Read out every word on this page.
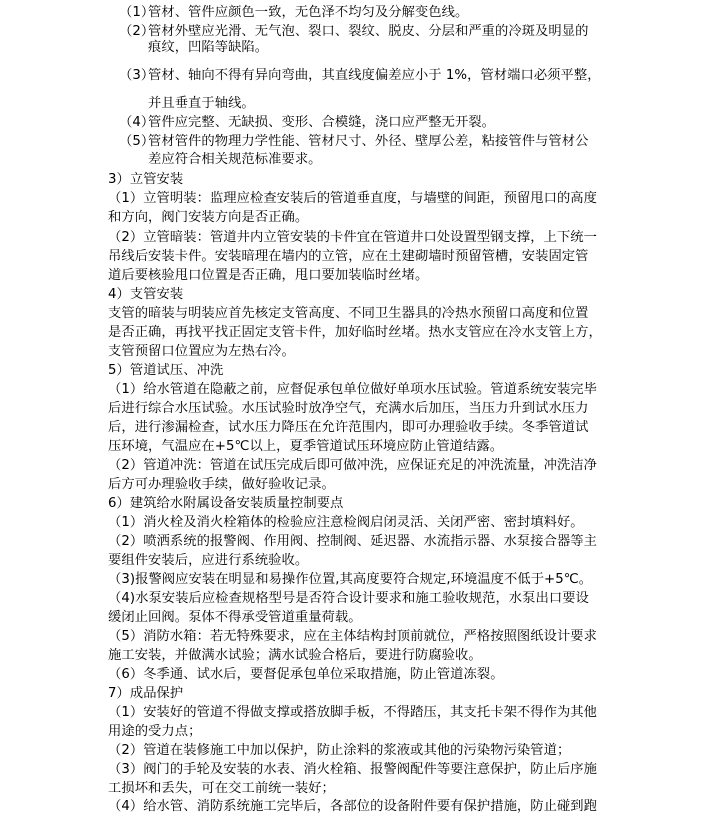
（1）管材、管件应颜色一致，无色泽不均匀及分解变色线。
（2）管材外壁应光滑、无气泡、裂口、裂纹、脱皮、分层和严重的冷斑及明显的
痕纹，凹陷等缺陷。
（3）管材、轴向不得有异向弯曲，其直线度偏差应小于 1%，管材端口必须平整，
并且垂直于轴线。
（4）管件应完整、无缺损、变形、合模缝，浇口应严整无开裂。
（5）管材管件的物理力学性能、管材尺寸、外径、壁厚公差，粘接管件与管材公
差应符合相关规范标准要求。
3）立管安装
（1）立管明装：监理应检查安装后的管道垂直度，与墙壁的间距，预留甩口的高度
和方向，阀门安装方向是否正确。
（2）立管暗装：管道井内立管安装的卡件宜在管道井口处设置型钢支撑，上下统一
吊线后安装卡件。安装暗理在墙内的立管，应在土建砌墙时预留管槽，安装固定管
道后要核验甩口位置是否正确，甩口要加装临时丝堵。
4）支管安装
支管的暗装与明装应首先核定支管高度、不同卫生器具的冷热水预留口高度和位置
是否正确，再找平找正固定支管卡件，加好临时丝堵。热水支管应在冷水支管上方，
支管预留口位置应为左热右冷。
5）管道试压、冲洗
（1）给水管道在隐蔽之前，应督促承包单位做好单项水压试验。管道系统安装完毕
后进行综合水压试验。水压试验时放净空气，充满水后加压，当压力升到试水压力
后，进行渗漏检查，试水压力降压在允许范围内，即可办理验收手续。冬季管道试
压环境，气温应在+5℃以上，夏季管道试压环境应防止管道结露。
（2）管道冲洗：管道在试压完成后即可做冲洗，应保证充足的冲洗流量，冲洗洁净
后方可办理验收手续，做好验收记录。
6）建筑给水附属设备安装质量控制要点
（1）消火栓及消火栓箱体的检验应注意检阀启闭灵活、关闭严密、密封填料好。
（2）喷洒系统的报警阀、作用阀、控制阀、延迟器、水流指示器、水泵接合器等主
要组件安装后，应进行系统验收。
（3)报警阀应安装在明显和易操作位置,其高度要符合规定,环境温度不低于+5℃。
（4)水泵安装后应检查规格型号是否符合设计要求和施工验收规范，水泵出口要设
缓闭止回阀。泵体不得承受管道重量荷载。
（5）消防水箱：若无特殊要求，应在主体结构封顶前就位，严格按照图纸设计要求
施工安装，并做满水试验；满水试验合格后，要进行防腐验收。
（6）冬季通、试水后，要督促承包单位采取措施，防止管道冻裂。
7）成品保护
（1）安装好的管道不得做支撑或搭放脚手板，不得踏压，其支托卡架不得作为其他
用途的受力点；
（2）管道在装修施工中加以保护，防止涂料的浆液或其他的污染物污染管道；
（3）阀门的手轮及安装的水表、消火栓箱、报警阀配件等要注意保护，防止后序施
工损坏和丢失，可在交工前统一装好；
（4）给水管、消防系统施工完毕后，各部位的设备附件要有保护措施，防止碰到跑
